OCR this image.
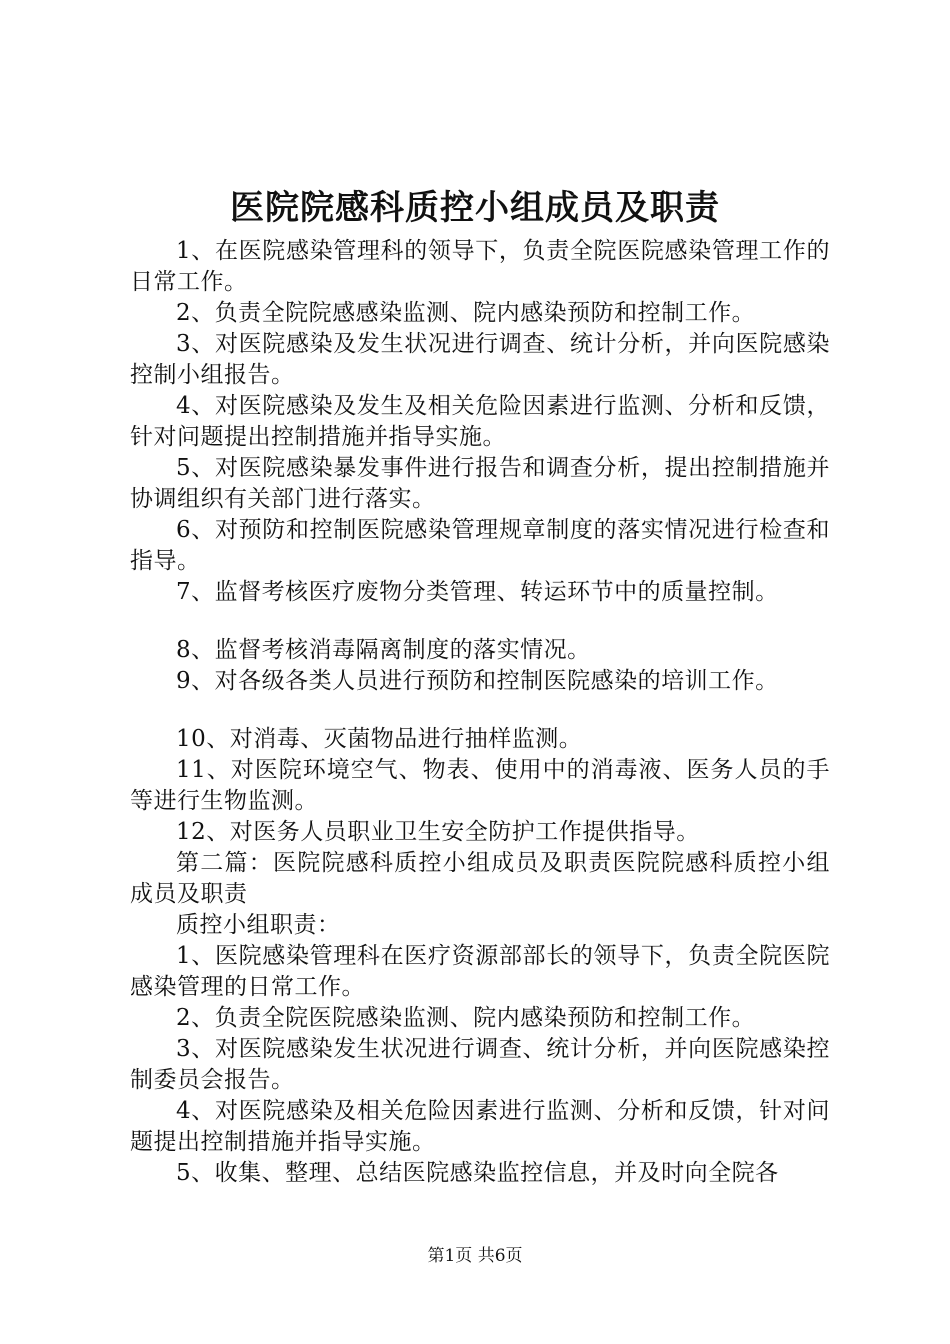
医院院感科质控小组成员及职责

1、在医院感染管理科的领导下，负责全院医院感染管理工作的日常工作。

2、负责全院院感感染监测、院内感染预防和控制工作。

3、对医院感染及发生状况进行调查、统计分析，并向医院感染控制小组报告。

4、对医院感染及发生及相关危险因素进行监测、分析和反馈，针对问题提出控制措施并指导实施。

5、对医院感染暴发事件进行报告和调查分析，提出控制措施并协调组织有关部门进行落实。

6、对预防和控制医院感染管理规章制度的落实情况进行检查和指导。

7、监督考核医疗废物分类管理、转运环节中的质量控制。

8、监督考核消毒隔离制度的落实情况。

9、对各级各类人员进行预防和控制医院感染的培训工作。

10、对消毒、灭菌物品进行抽样监测。

11、对医院环境空气、物表、使用中的消毒液、医务人员的手等进行生物监测。

12、对医务人员职业卫生安全防护工作提供指导。

第二篇：医院院感科质控小组成员及职责医院院感科质控小组成员及职责

质控小组职责：

1、医院感染管理科在医疗资源部部长的领导下，负责全院医院感染管理的日常工作。

2、负责全院医院感染监测、院内感染预防和控制工作。

3、对医院感染发生状况进行调查、统计分析，并向医院感染控制委员会报告。

4、对医院感染及相关危险因素进行监测、分析和反馈，针对问题提出控制措施并指导实施。

5、收集、整理、总结医院感染监控信息，并及时向全院各

第1页 共6页
